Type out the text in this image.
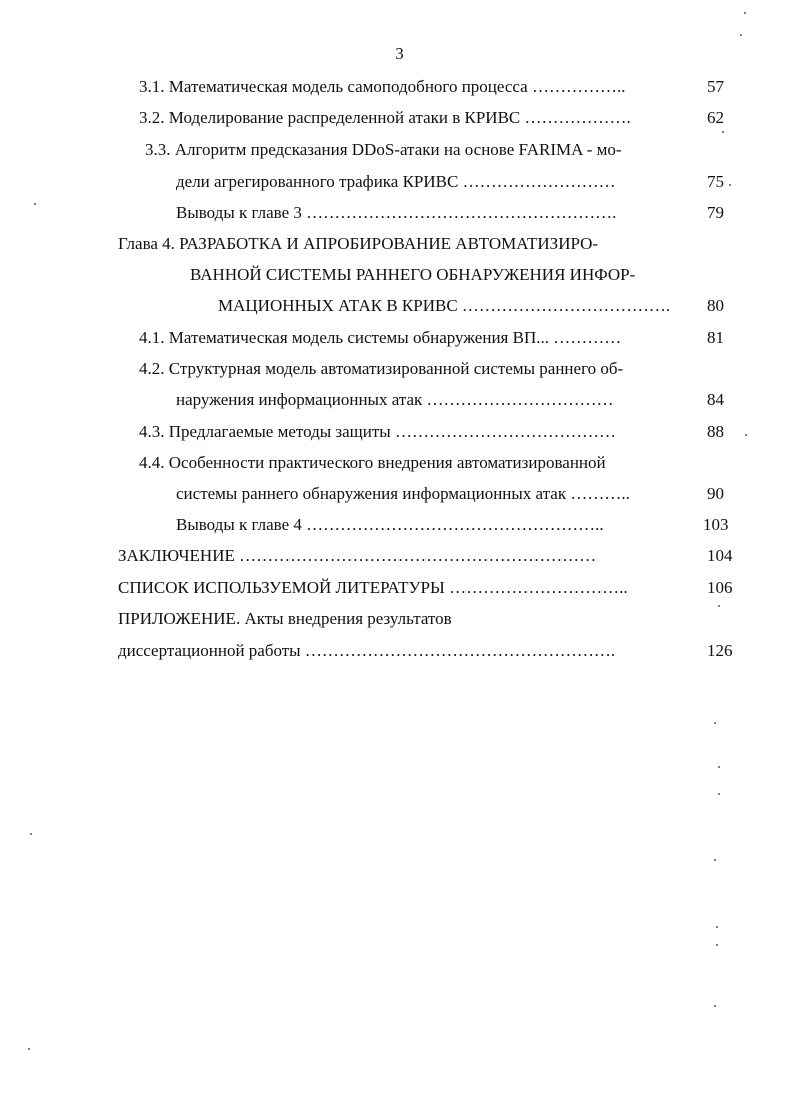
3
3.1. Математическая модель самоподобного процесса ……………..	57
3.2. Моделирование распределенной атаки в КРИВС ……………….	62
3.3. Алгоритм предсказания DDoS-атаки на основе FARIMA - мо-
дели агрегированного трафика КРИВС ………………………	75
Выводы к главе 3 ……………………………………………….	79
Глава 4. РАЗРАБОТКА И АПРОБИРОВАНИЕ АВТОМАТИЗИРО-
ВАННОЙ СИСТЕМЫ РАННЕГО ОБНАРУЖЕНИЯ ИНФОР-
МАЦИОННЫХ АТАК В КРИВС ………………………………. 80
4.1. Математическая модель системы обнаружения ВП... …………	81
4.2. Структурная модель автоматизированной системы раннего об-
наружения информационных атак ……………………………	84
4.3. Предлагаемые методы защиты …………………………………	88
4.4. Особенности практического внедрения автоматизированной
системы раннего обнаружения информационных атак ………..	90
Выводы к главе 4 ……………………………………………..	103
ЗАКЛЮЧЕНИЕ ………………………………………………………	104
СПИСОК ИСПОЛЬЗУЕМОЙ ЛИТЕРАТУРЫ …………………………..	106
ПРИЛОЖЕНИЕ. Акты внедрения результатов
диссертационной работы ……………………………………………….	126
